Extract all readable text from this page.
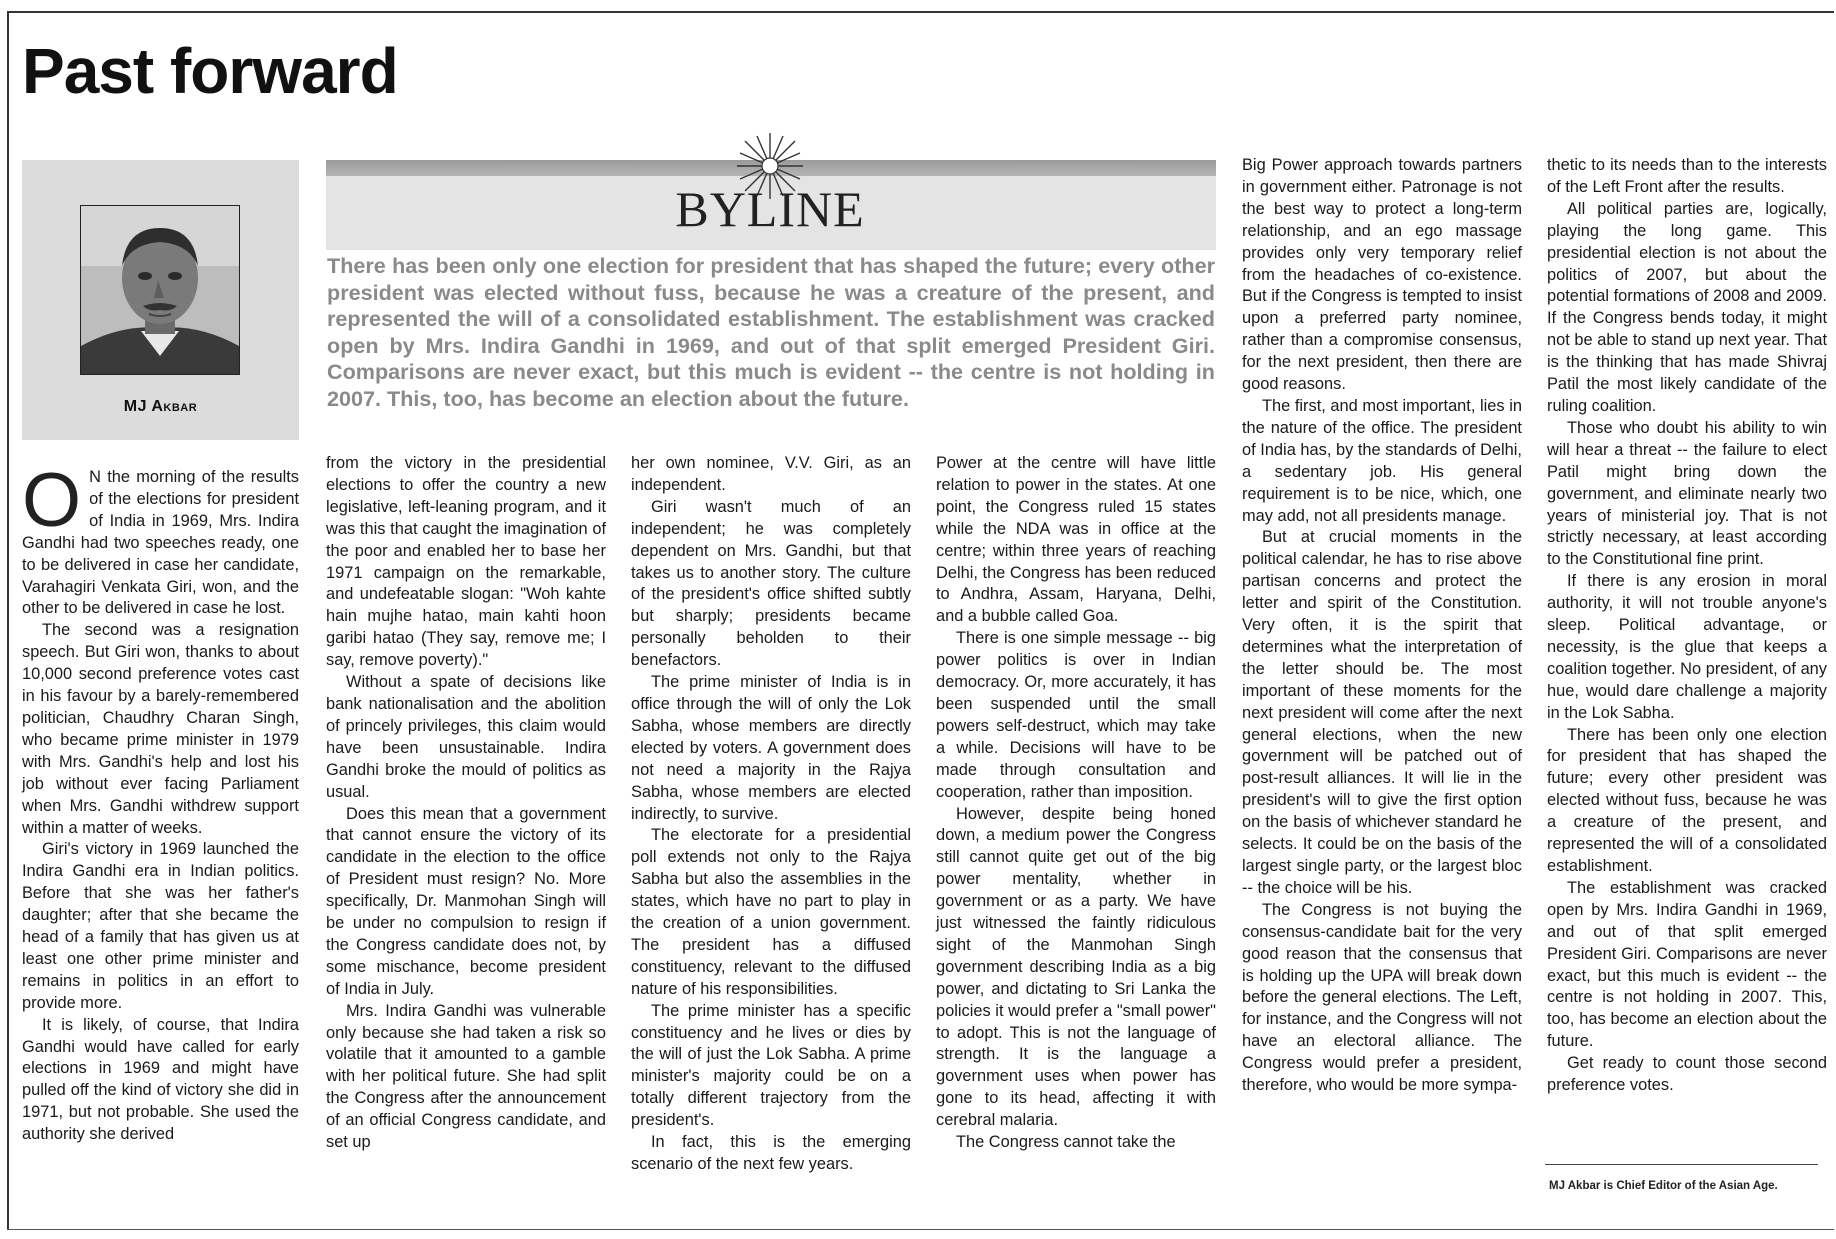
Past forward
MJ Akbar
BYLINE

There has been only one election for president that has shaped the future; every other president was elected without fuss, because he was a creature of the present, and represented the will of a consolidated establishment. The establishment was cracked open by Mrs. Indira Gandhi in 1969, and out of that split emerged President Giri. Comparisons are never exact, but this much is evident -- the centre is not holding in 2007. This, too, has become an election about the future.

O N the morning of the results of the elections for president of India in 1969, Mrs. Indira Gandhi had two speeches ready, one to be delivered in case her candidate, Varahagiri Venkata Giri, won, and the other to be delivered in case he lost.

The second was a resignation speech. But Giri won, thanks to about 10,000 second preference votes cast in his favour by a barely-remembered politician, Chaudhry Charan Singh, who became prime minister in 1979 with Mrs. Gandhi's help and lost his job without ever facing Parliament when Mrs. Gandhi withdrew support within a matter of weeks.

Giri's victory in 1969 launched the Indira Gandhi era in Indian politics. Before that she was her father's daughter; after that she became the head of a family that has given us at least one other prime minister and remains in politics in an effort to provide more.

It is likely, of course, that Indira Gandhi would have called for early elections in 1969 and might have pulled off the kind of victory she did in 1971, but not probable. She used the authority she derived

from the victory in the presidential elections to offer the country a new legislative, left-leaning program, and it was this that caught the imagination of the poor and enabled her to base her 1971 campaign on the remarkable, and undefeatable slogan: "Woh kahte hain mujhe hatao, main kahti hoon garibi hatao (They say, remove me; I say, remove poverty)."

Without a spate of decisions like bank nationalisation and the abolition of princely privileges, this claim would have been unsustainable. Indira Gandhi broke the mould of politics as usual.

Does this mean that a government that cannot ensure the victory of its candidate in the election to the office of President must resign? No. More specifically, Dr. Manmohan Singh will be under no compulsion to resign if the Congress candidate does not, by some mischance, become president of India in July.

Mrs. Indira Gandhi was vulnerable only because she had taken a risk so volatile that it amounted to a gamble with her political future. She had split the Congress after the announcement of an official Congress candidate, and set up

her own nominee, V.V. Giri, as an independent.

Giri wasn't much of an independent; he was completely dependent on Mrs. Gandhi, but that takes us to another story. The culture of the president's office shifted subtly but sharply; presidents became personally beholden to their benefactors.

The prime minister of India is in office through the will of only the Lok Sabha, whose members are directly elected by voters. A government does not need a majority in the Rajya Sabha, whose members are elected indirectly, to survive.

The electorate for a presidential poll extends not only to the Rajya Sabha but also the assemblies in the states, which have no part to play in the creation of a union government. The president has a diffused constituency, relevant to the diffused nature of his responsibilities.

The prime minister has a specific constituency and he lives or dies by the will of just the Lok Sabha. A prime minister's majority could be on a totally different trajectory from the president's.

In fact, this is the emerging scenario of the next few years.

Power at the centre will have little relation to power in the states. At one point, the Congress ruled 15 states while the NDA was in office at the centre; within three years of reaching Delhi, the Congress has been reduced to Andhra, Assam, Haryana, Delhi, and a bubble called Goa.

There is one simple message -- big power politics is over in Indian democracy. Or, more accurately, it has been suspended until the small powers self-destruct, which may take a while. Decisions will have to be made through consultation and cooperation, rather than imposition.

However, despite being honed down, a medium power the Congress still cannot quite get out of the big power mentality, whether in government or as a party. We have just witnessed the faintly ridiculous sight of the Manmohan Singh government describing India as a big power, and dictating to Sri Lanka the policies it would prefer a "small power" to adopt. This is not the language of strength. It is the language a government uses when power has gone to its head, affecting it with cerebral malaria.

The Congress cannot take the

Big Power approach towards partners in government either. Patronage is not the best way to protect a long-term relationship, and an ego massage provides only very temporary relief from the headaches of co-existence. But if the Congress is tempted to insist upon a preferred party nominee, rather than a compromise consensus, for the next president, then there are good reasons.

The first, and most important, lies in the nature of the office. The president of India has, by the standards of Delhi, a sedentary job. His general requirement is to be nice, which, one may add, not all presidents manage.

But at crucial moments in the political calendar, he has to rise above partisan concerns and protect the letter and spirit of the Constitution. Very often, it is the spirit that determines what the interpretation of the letter should be. The most important of these moments for the next president will come after the next general elections, when the new government will be patched out of post-result alliances. It will lie in the president's will to give the first option on the basis of whichever standard he selects. It could be on the basis of the largest single party, or the largest bloc -- the choice will be his.

The Congress is not buying the consensus-candidate bait for the very good reason that the consensus that is holding up the UPA will break down before the general elections. The Left, for instance, and the Congress will not have an electoral alliance. The Congress would prefer a president, therefore, who would be more sympa-

thetic to its needs than to the interests of the Left Front after the results.

All political parties are, logically, playing the long game. This presidential election is not about the politics of 2007, but about the potential formations of 2008 and 2009. If the Congress bends today, it might not be able to stand up next year. That is the thinking that has made Shivraj Patil the most likely candidate of the ruling coalition.

Those who doubt his ability to win will hear a threat -- the failure to elect Patil might bring down the government, and eliminate nearly two years of ministerial joy. That is not strictly necessary, at least according to the Constitutional fine print.

If there is any erosion in moral authority, it will not trouble anyone's sleep. Political advantage, or necessity, is the glue that keeps a coalition together. No president, of any hue, would dare challenge a majority in the Lok Sabha.

There has been only one election for president that has shaped the future; every other president was elected without fuss, because he was a creature of the present, and represented the will of a consolidated establishment.

The establishment was cracked open by Mrs. Indira Gandhi in 1969, and out of that split emerged President Giri. Comparisons are never exact, but this much is evident -- the centre is not holding in 2007. This, too, has become an election about the future.

Get ready to count those second preference votes.

MJ Akbar is Chief Editor of the Asian Age.
